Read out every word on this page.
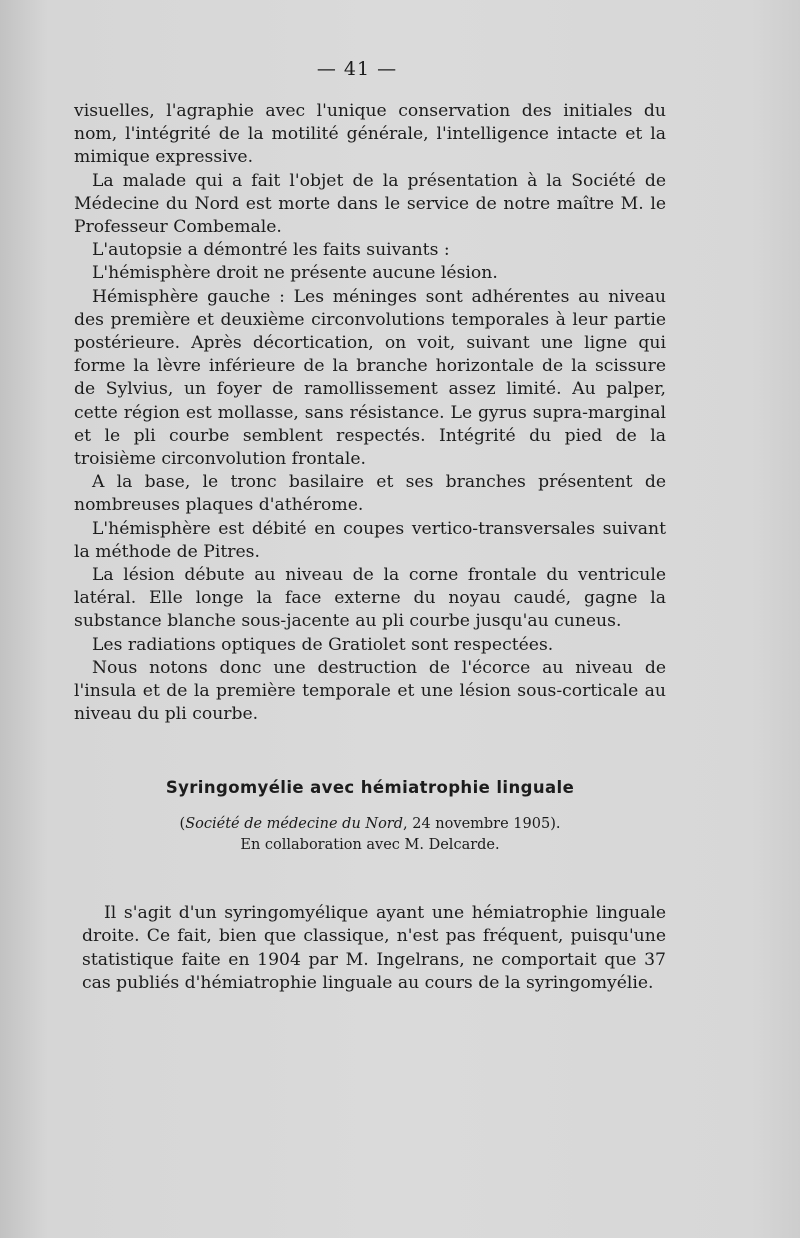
— 41 —

visuelles, l'agraphie avec l'unique conservation des initiales du nom, l'intégrité de la motilité générale, l'intelligence intacte et la mimique expressive.

La malade qui a fait l'objet de la présentation à la Société de Médecine du Nord est morte dans le service de notre maître M. le Professeur Combemale.

L'autopsie a démontré les faits suivants :

L'hémisphère droit ne présente aucune lésion.

Hémisphère gauche : Les méninges sont adhérentes au niveau des première et deuxième circonvolutions temporales à leur partie postérieure. Après décortication, on voit, suivant une ligne qui forme la lèvre inférieure de la branche horizontale de la scissure de Sylvius, un foyer de ramollissement assez limité. Au palper, cette région est mollasse, sans résistance. Le gyrus supra-marginal et le pli courbe semblent respectés. Intégrité du pied de la troisième circonvolution frontale.

A la base, le tronc basilaire et ses branches présentent de nombreuses plaques d'athérome.

L'hémisphère est débité en coupes vertico-transversales suivant la méthode de Pitres.

La lésion débute au niveau de la corne frontale du ventricule latéral. Elle longe la face externe du noyau caudé, gagne la substance blanche sous-jacente au pli courbe jusqu'au cuneus.

Les radiations optiques de Gratiolet sont respectées.

Nous notons donc une destruction de l'écorce au niveau de l'insula et de la première temporale et une lésion sous-corticale au niveau du pli courbe.

Syringomyélie avec hémiatrophie linguale
(Société de médecine du Nord, 24 novembre 1905).
En collaboration avec M. Delcarde.

Il s'agit d'un syringomyélique ayant une hémiatrophie linguale droite. Ce fait, bien que classique, n'est pas fréquent, puisqu'une statistique faite en 1904 par M. Ingelrans, ne comportait que 37 cas publiés d'hémiatrophie linguale au cours de la syringomyélie.
